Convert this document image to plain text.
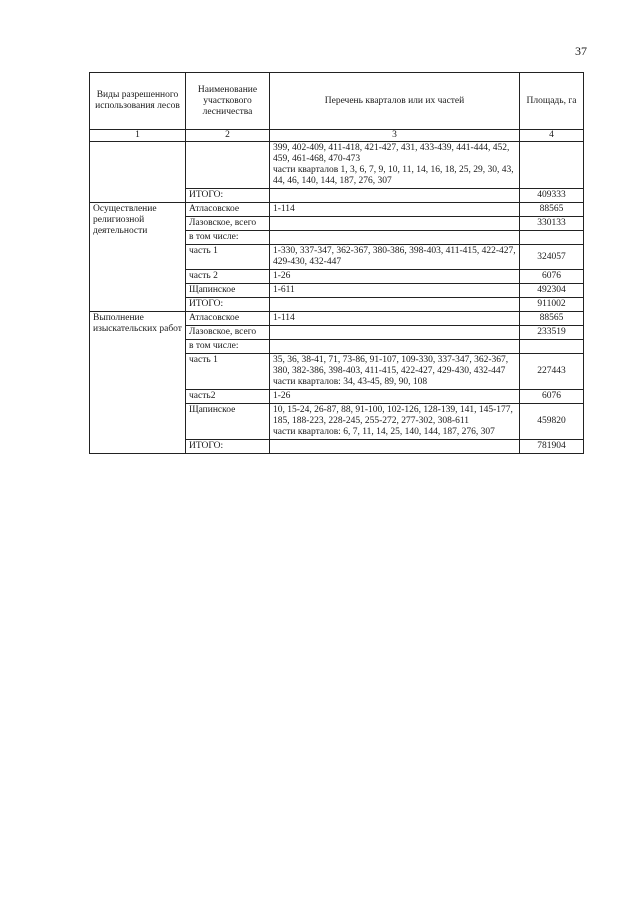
37
Виды разрешенного использования лесов	Наименование участкового лесничества	Перечень кварталов или их частей	Площадь, га
1	2	3	4

		399, 402-409, 411-418, 421-427, 431, 433-439, 441-444, 452, 459, 461-468, 470-473
части кварталов 1, 3, 6, 7, 9, 10, 11, 14, 16, 18, 25, 29, 30, 43, 44, 46, 140, 144, 187, 276, 307	

	ИТОГО:		409333
Осуществление религиозной деятельности	Атласовское	1-114	88565
	Лазовское, всего		330133
	в том числе:		
	часть 1	1-330, 337-347, 362-367, 380-386, 398-403, 411-415, 422-427, 429-430, 432-447	324057
	часть 2	1-26	6076
	Щапинское	1-611	492304
	ИТОГО:		911002
Выполнение изыскательских работ	Атласовское	1-114	88565
	Лазовское, всего		233519
	в том числе:		
	часть 1	35, 36, 38-41, 71, 73-86, 91-107, 109-330, 337-347, 362-367, 380, 382-386, 398-403, 411-415, 422-427, 429-430, 432-447
части кварталов: 34, 43-45, 89, 90, 108	227443
	часть2	1-26	6076
	Щапинское	10, 15-24, 26-87, 88, 91-100, 102-126, 128-139, 141, 145-177, 185, 188-223, 228-245, 255-272, 277-302, 308-611
части кварталов: 6, 7, 11, 14, 25, 140, 144, 187, 276, 307	459820
	ИТОГО:		781904
